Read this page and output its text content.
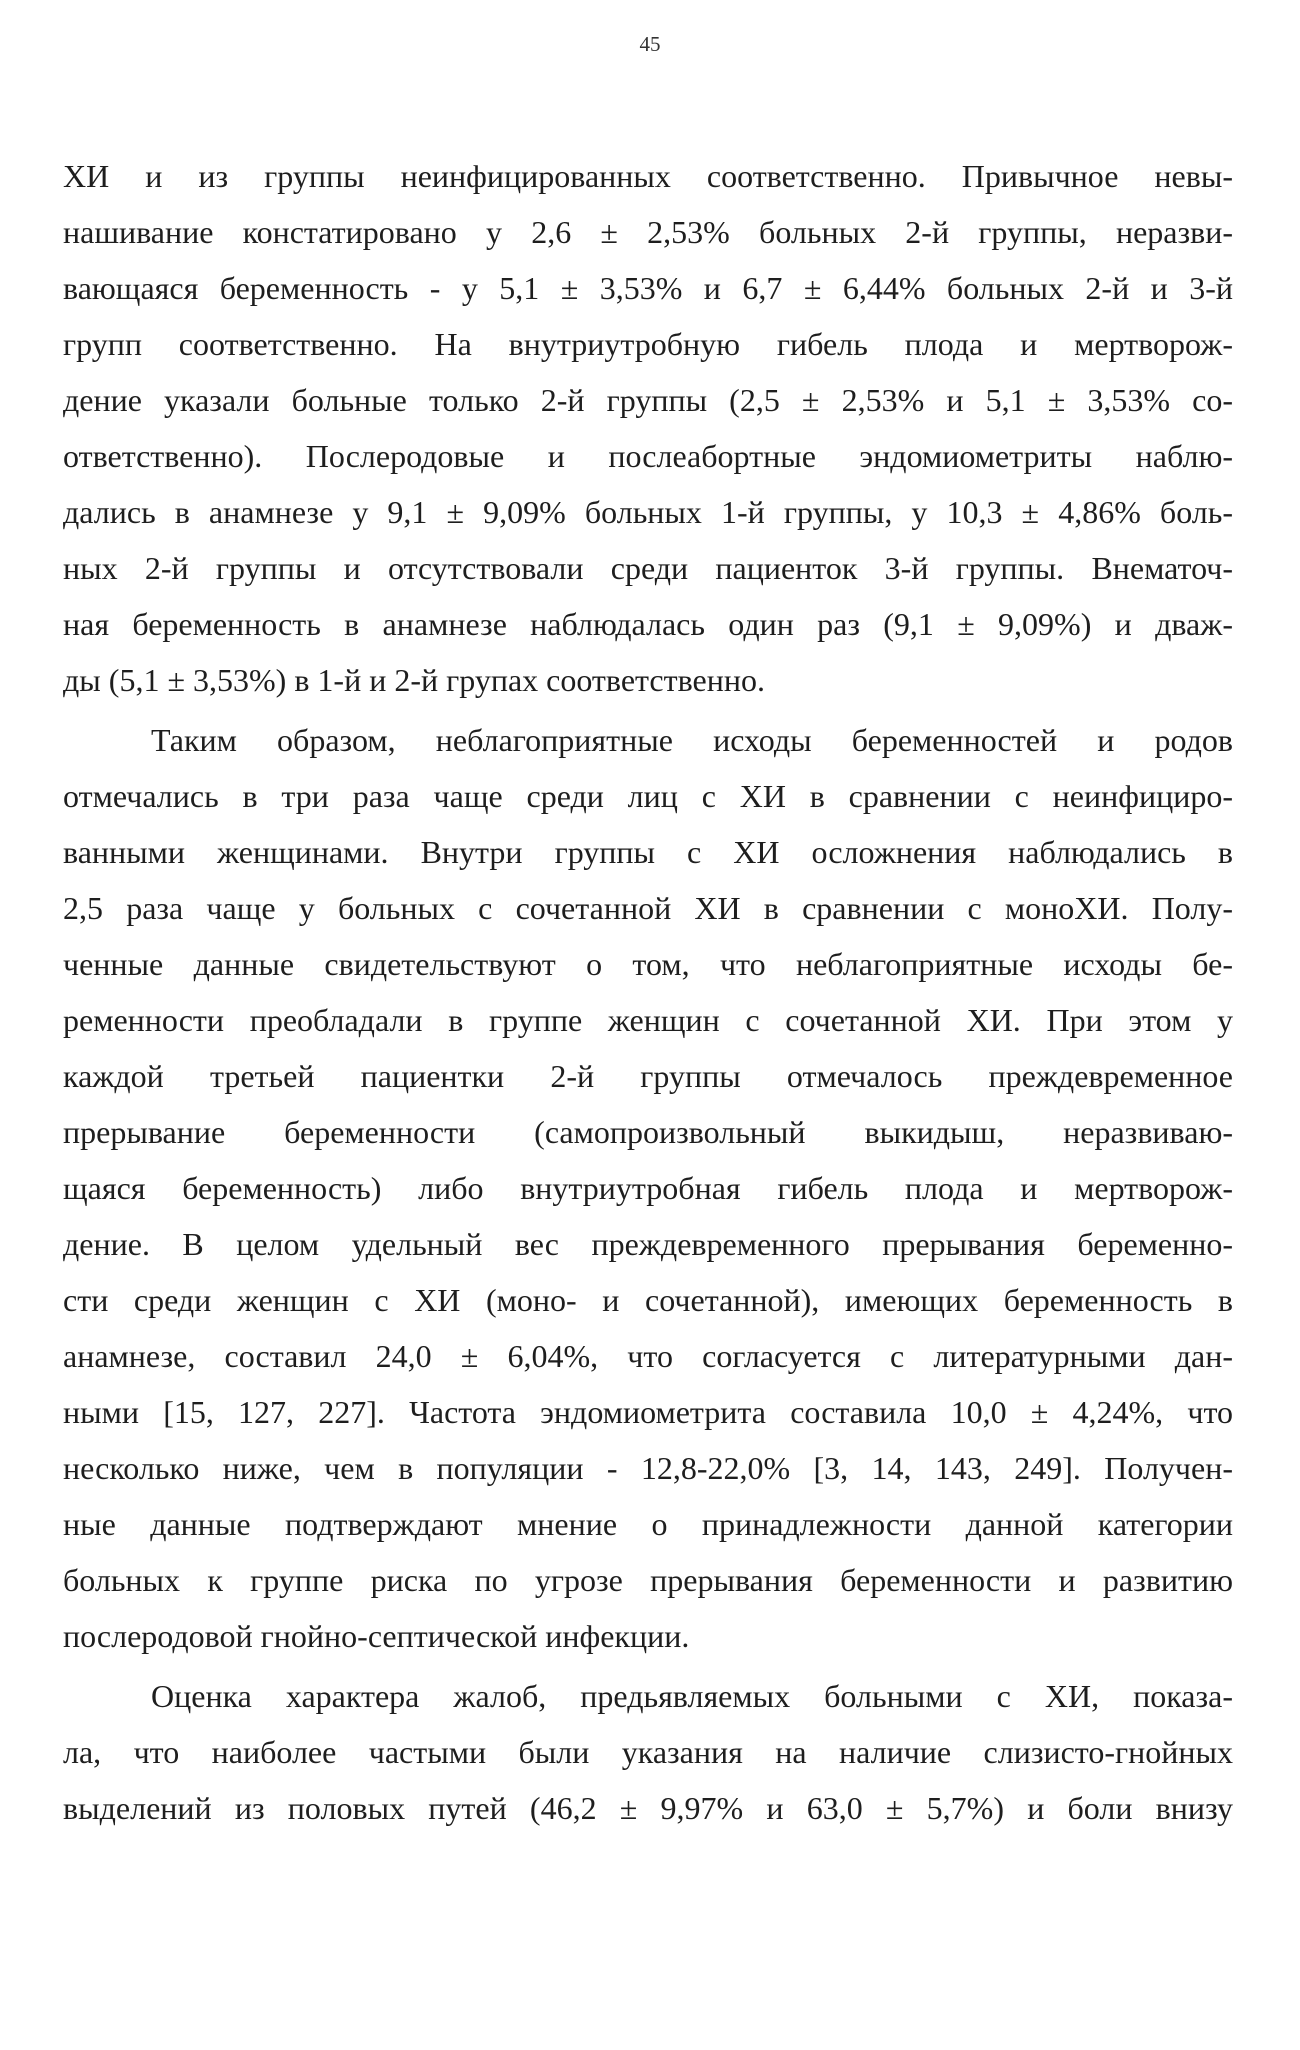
45
ХИ и из группы неинфицированных соответственно. Привычное невы-
нашивание констатировано у 2,6 ± 2,53% больных 2-й группы, неразви-
вающаяся беременность - у 5,1 ± 3,53% и 6,7 ± 6,44% больных 2-й и 3-й
групп соответственно. На внутриутробную гибель плода и мертворож-
дение указали больные только 2-й группы (2,5 ± 2,53% и 5,1 ± 3,53% со-
ответственно). Послеродовые и послеабортные эндомиометриты наблю-
дались в анамнезе у 9,1 ± 9,09% больных 1-й группы, у 10,3 ± 4,86% боль-
ных 2-й группы и отсутствовали среди пациенток 3-й группы. Внематоч-
ная беременность в анамнезе наблюдалась один раз (9,1 ± 9,09%) и дваж-
ды (5,1 ± 3,53%) в 1-й и 2-й групах соответственно.
Таким образом, неблагоприятные исходы беременностей и родов
отмечались в три раза чаще среди лиц с ХИ в сравнении с неинфициро-
ванными женщинами. Внутри группы с ХИ осложнения наблюдались в
2,5 раза чаще у больных с сочетанной ХИ в сравнении с моноХИ. Полу-
ченные данные свидетельствуют о том, что неблагоприятные исходы бе-
ременности преобладали в группе женщин с сочетанной ХИ. При этом у
каждой третьей пациентки 2-й группы отмечалось преждевременное
прерывание беременности (самопроизвольный выкидыш, неразвиваю-
щаяся беременность) либо внутриутробная гибель плода и мертворож-
дение. В целом удельный вес преждевременного прерывания беременно-
сти среди женщин с ХИ (моно- и сочетанной), имеющих беременность в
анамнезе, составил 24,0 ± 6,04%, что согласуется с литературными дан-
ными [15, 127, 227]. Частота эндомиометрита составила 10,0 ± 4,24%, что
несколько ниже, чем в популяции - 12,8-22,0% [3, 14, 143, 249]. Получен-
ные данные подтверждают мнение о принадлежности данной категории
больных к группе риска по угрозе прерывания беременности и развитию
послеродовой гнойно-септической инфекции.
Оценка характера жалоб, предьявляемых больными с ХИ, показа-
ла, что наиболее частыми были указания на наличие слизисто-гнойных
выделений из половых путей (46,2 ± 9,97% и 63,0 ± 5,7%) и боли внизу
